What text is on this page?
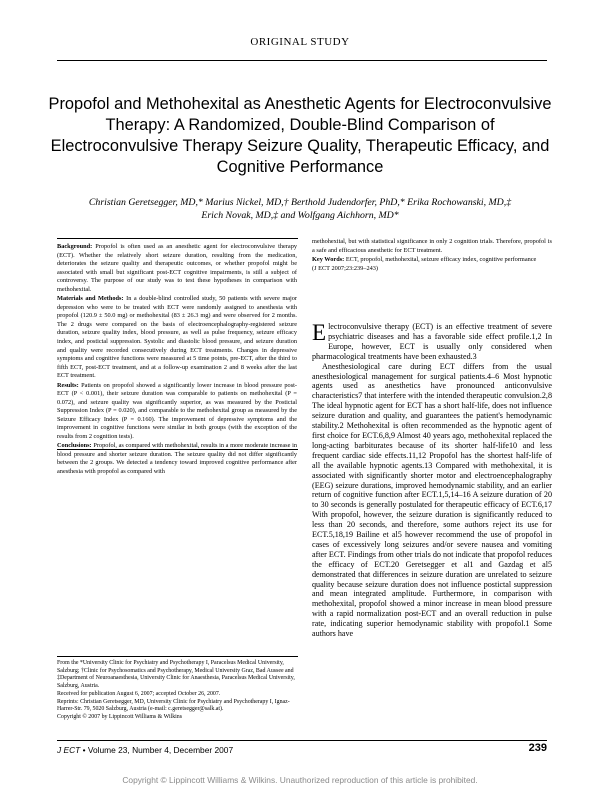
ORIGINAL STUDY
Propofol and Methohexital as Anesthetic Agents for Electroconvulsive Therapy: A Randomized, Double-Blind Comparison of Electroconvulsive Therapy Seizure Quality, Therapeutic Efficacy, and Cognitive Performance
Christian Geretsegger, MD,* Marius Nickel, MD,† Berthold Judendorfer, PhD,* Erika Rochowanski, MD,‡
Erich Novak, MD,‡ and Wolfgang Aichhorn, MD*

Background: Propofol is often used as an anesthetic agent for electroconvulsive therapy (ECT). Whether the relatively short seizure duration, resulting from the medication, deteriorates the seizure quality and therapeutic outcomes, or whether propofol might be associated with small but significant post-ECT cognitive impairments, is still a subject of controversy. The purpose of our study was to test these hypotheses in comparison with methohexital.

Materials and Methods: In a double-blind controlled study, 50 patients with severe major depression who were to be treated with ECT were randomly assigned to anesthesia with propofol (120.9 ± 50.0 mg) or methohexital (83 ± 26.3 mg) and were observed for 2 months. The 2 drugs were compared on the basis of electroencephalography-registered seizure duration, seizure quality index, blood pressure, as well as pulse frequency, seizure efficacy index, and postictal suppression. Systolic and diastolic blood pressure, and seizure duration and quality were recorded consecutively during ECT treatments. Changes in depressive symptoms and cognitive functions were measured at 5 time points, pre-ECT, after the third to fifth ECT, post-ECT treatment, and at a follow-up examination 2 and 8 weeks after the last ECT treatment.

Results: Patients on propofol showed a significantly lower increase in blood pressure post-ECT (P < 0.001), their seizure duration was comparable to patients on methohexital (P = 0.072), and seizure quality was significantly superior, as was measured by the Postictal Suppression Index (P = 0.020), and comparable to the methohexital group as measured by the Seizure Efficacy Index (P = 0.160). The improvement of depressive symptoms and the improvement in cognitive functions were similar in both groups (with the exception of the results from 2 cognition tests).

Conclusions: Propofol, as compared with methohexital, results in a more moderate increase in blood pressure and shorter seizure duration. The seizure quality did not differ significantly between the 2 groups. We detected a tendency toward improved cognitive performance after anesthesia with propofol as compared with

methohexital, but with statistical significance in only 2 cognition trials. Therefore, propofol is a safe and efficacious anesthetic for ECT treatment.

Key Words: ECT, propofol, methohexital, seizure efficacy index, cognitive performance

(J ECT 2007;23:239–243)

Electroconvulsive therapy (ECT) is an effective treatment of severe psychiatric diseases and has a favorable side effect profile.1,2 In Europe, however, ECT is usually only considered when pharmacological treatments have been exhausted.3

Anesthesiological care during ECT differs from the usual anesthesiological management for surgical patients.4–6 Most hypnotic agents used as anesthetics have pronounced anticonvulsive characteristics7 that interfere with the intended therapeutic convulsion.2,8 The ideal hypnotic agent for ECT has a short half-life, does not influence seizure duration and quality, and guarantees the patient's hemodynamic stability.2 Methohexital is often recommended as the hypnotic agent of first choice for ECT.6,8,9 Almost 40 years ago, methohexital replaced the long-acting barbiturates because of its shorter half-life10 and less frequent cardiac side effects.11,12 Propofol has the shortest half-life of all the available hypnotic agents.13 Compared with methohexital, it is associated with significantly shorter motor and electroencephalography (EEG) seizure durations, improved hemodynamic stability, and an earlier return of cognitive function after ECT.1,5,14–16 A seizure duration of 20 to 30 seconds is generally postulated for therapeutic efficacy of ECT.6,17 With propofol, however, the seizure duration is significantly reduced to less than 20 seconds, and therefore, some authors reject its use for ECT.5,18,19 Bailine et al5 however recommend the use of propofol in cases of excessively long seizures and/or severe nausea and vomiting after ECT. Findings from other trials do not indicate that propofol reduces the efficacy of ECT.20 Geretsegger et al1 and Gazdag et al5 demonstrated that differences in seizure duration are unrelated to seizure quality because seizure duration does not influence postictal suppression and mean integrated amplitude. Furthermore, in comparison with methohexital, propofol showed a minor increase in mean blood pressure with a rapid normalization post-ECT and an overall reduction in pulse rate, indicating superior hemodynamic stability with propofol.1 Some authors have

From the *University Clinic for Psychiatry and Psychotherapy I, Paracelsus Medical University, Salzburg; †Clinic for Psychosomatics and Psychotherapy, Medical University Graz, Bad Aussee and ‡Department of Neuroanaesthesia, University Clinic for Anaesthesia, Paracelsus Medical University, Salzburg, Austria.

Received for publication August 6, 2007; accepted October 26, 2007.

Reprints: Christian Geretsegger, MD, University Clinic for Psychiatry and Psychotherapy I, Ignaz-Harrer-Str. 79, 5020 Salzburg, Austria (e-mail: c.geretsegger@salk.at).

Copyright © 2007 by Lippincott Williams & Wilkins

J ECT • Volume 23, Number 4, December 2007	239
Copyright © Lippincott Williams & Wilkins. Unauthorized reproduction of this article is prohibited.
